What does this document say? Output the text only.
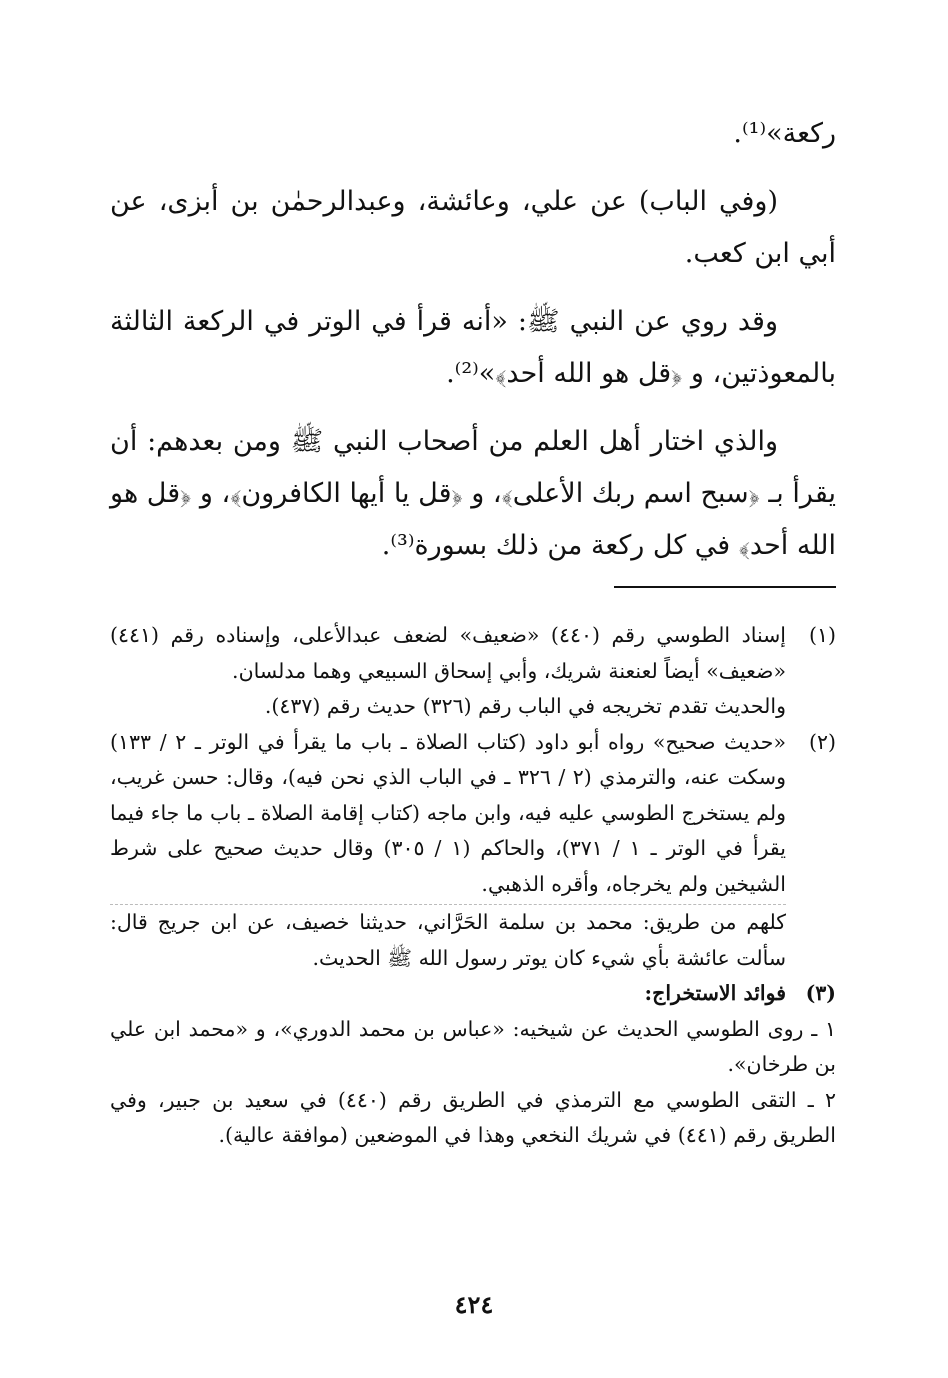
ركعة»⁽¹⁾.

(وفي الباب) عن علي، وعائشة، وعبدالرحمٰن بن أبزى، عن أبي ابن كعب.

وقد روي عن النبي ﷺ: «أنه قرأ في الوتر في الركعة الثالثة بالمعوذتين، و ﴿قل هو الله أحد﴾»⁽²⁾.

والذي اختار أهل العلم من أصحاب النبي ﷺ ومن بعدهم: أن يقرأ بـ ﴿سبح اسم ربك الأعلى﴾، و ﴿قل يا أيها الكافرون﴾، و ﴿قل هو الله أحد﴾ في كل ركعة من ذلك بسورة⁽³⁾.

(١)

إسناد الطوسي رقم (٤٤٠) «ضعيف» لضعف عبدالأعلى، وإسناده رقم (٤٤١) «ضعيف» أيضاً لعنعنة شريك، وأبي إسحاق السبيعي وهما مدلسان.

والحديث تقدم تخريجه في الباب رقم (٣٢٦) حديث رقم (٤٣٧).

(٢)

«حديث صحيح» رواه أبو داود (كتاب الصلاة ـ باب ما يقرأ في الوتر ـ ٢ / ١٣٣) وسكت عنه، والترمذي (٢ / ٣٢٦ ـ في الباب الذي نحن فيه)، وقال: حسن غريب، ولم يستخرج الطوسي عليه فيه، وابن ماجه (كتاب إقامة الصلاة ـ باب ما جاء فيما يقرأ في الوتر ـ ١ / ٣٧١)، والحاكم (١ / ٣٠٥) وقال حديث صحيح على شرط الشيخين ولم يخرجاه، وأقره الذهبي.

كلهم من طريق: محمد بن سلمة الحَرَّاني، حديثنا خصيف، عن ابن جريج قال: سألت عائشة بأي شيء كان يوتر رسول الله ﷺ الحديث.

(٣)

فوائد الاستخراج:

١ ـ روى الطوسي الحديث عن شيخيه: «عباس بن محمد الدوري»، و «محمد ابن علي بن طرخان».

٢ ـ التقى الطوسي مع الترمذي في الطريق رقم (٤٤٠) في سعيد بن جبير، وفي الطريق رقم (٤٤١) في شريك النخعي وهذا في الموضعين (موافقة عالية).

٤٢٤
